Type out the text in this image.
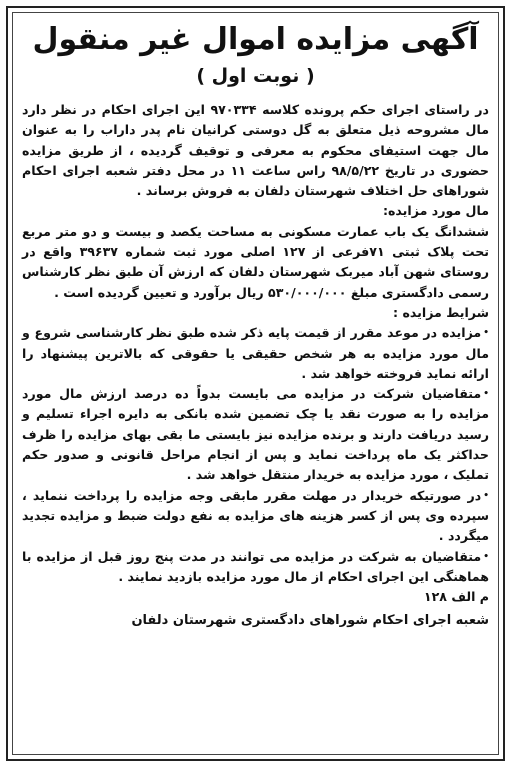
آگهی مزایده اموال غیر منقول
( نوبت اول )

در راستای اجرای حکم پرونده کلاسه ۹۷۰۳۳۴ این اجرای احکام در نظر دارد مال مشروحه ذیل متعلق به گل دوستی کرانیان نام پدر داراب را به عنوان مال جهت استیفای محکوم به معرفی و توقیف گردیده ، از طریق مزایده حضوری در تاریخ ۹۸/۵/۲۲ راس ساعت ۱۱ در محل دفتر شعبه اجرای احکام شوراهای حل اختلاف شهرستان دلفان به فروش برساند .

مال مورد مزایده:

ششدانگ یک باب عمارت مسکونی به مساحت یکصد و بیست و دو متر مربع تحت پلاک ثبتی ۷۱فرعی از ۱۲۷ اصلی مورد ثبت شماره ۳۹۶۳۷ واقع در روستای شهن آباد میربک شهرستان دلفان که ارزش آن طبق نظر کارشناس رسمی دادگستری مبلغ ۵۳۰/۰۰۰/۰۰۰ ریال برآورد و تعیین گردیده است .

شرایط مزایده :

• مزایده در موعد مقرر از قیمت پایه ذکر شده طبق نظر کارشناسی شروع و مال مورد مزایده به هر شخص حقیقی یا حقوقی که بالاترین پیشنهاد را ارائه نماید فروخته خواهد شد .

• متقاضیان شرکت در مزایده می بایست بدواً ده درصد ارزش مال مورد مزایده را به صورت نقد یا چک تضمین شده بانکی به دایره اجراء تسلیم و رسید دریافت دارند و برنده مزایده نیز بایستی ما بقی بهای مزایده را ظرف حداکثر یک ماه پرداخت نماید و پس از انجام مراحل قانونی و صدور حکم تملیک ، مورد مزایده به خریدار منتقل خواهد شد .

• در صورتیکه خریدار در مهلت مقرر مابقی وجه مزایده را پرداخت ننماید ، سپرده وی پس از کسر هزینه های مزایده به نفع دولت ضبط و مزایده تجدید میگردد .

• متقاضیان به شرکت در مزایده می توانند در مدت پنج روز قبل از مزایده با هماهنگی این اجرای احکام از مال مورد مزایده بازدید نمایند .

م الف ۱۲۸

شعبه اجرای احکام شوراهای دادگستری شهرستان دلفان
